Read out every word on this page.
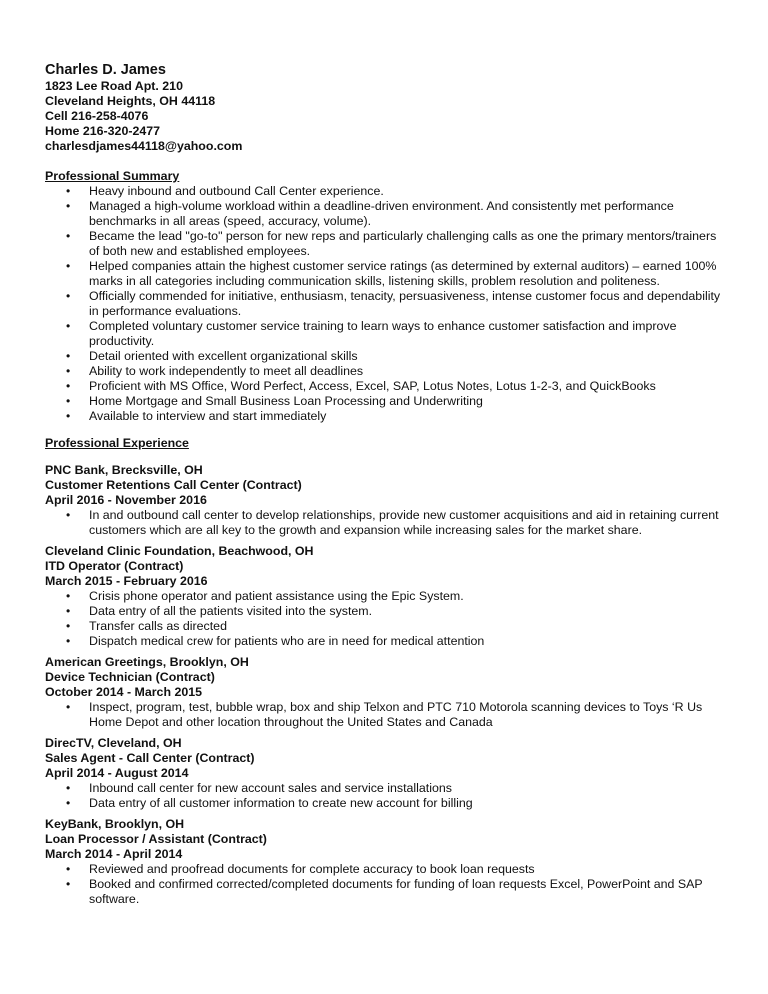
Charles D. James
1823 Lee Road Apt. 210
Cleveland Heights, OH 44118
Cell 216-258-4076
Home 216-320-2477
charlesdjames44118@yahoo.com
Professional Summary
• Heavy inbound and outbound Call Center experience.
• Managed a high-volume workload within a deadline-driven environment. And consistently met performance benchmarks in all areas (speed, accuracy, volume).
• Became the lead "go-to" person for new reps and particularly challenging calls as one the primary mentors/trainers of both new and established employees.
• Helped companies attain the highest customer service ratings (as determined by external auditors) – earned 100% marks in all categories including communication skills, listening skills, problem resolution and politeness.
• Officially commended for initiative, enthusiasm, tenacity, persuasiveness, intense customer focus and dependability in performance evaluations.
• Completed voluntary customer service training to learn ways to enhance customer satisfaction and improve productivity.
• Detail oriented with excellent organizational skills
• Ability to work independently to meet all deadlines
• Proficient with MS Office, Word Perfect, Access, Excel, SAP, Lotus Notes, Lotus 1-2-3, and QuickBooks
• Home Mortgage and Small Business Loan Processing and Underwriting
• Available to interview and start immediately
Professional Experience
PNC Bank, Brecksville, OH
Customer Retentions Call Center (Contract)
April 2016 - November 2016
• In and outbound call center to develop relationships, provide new customer acquisitions and aid in retaining current customers which are all key to the growth and expansion while increasing sales for the market share.
Cleveland Clinic Foundation, Beachwood, OH
ITD Operator (Contract)
March 2015 - February 2016
• Crisis phone operator and patient assistance using the Epic System.
• Data entry of all the patients visited into the system.
• Transfer calls as directed
• Dispatch medical crew for patients who are in need for medical attention
American Greetings, Brooklyn, OH
Device Technician (Contract)
October 2014 - March 2015
• Inspect, program, test, bubble wrap, box and ship Telxon and PTC 710 Motorola scanning devices to Toys ‘R Us Home Depot and other location throughout the United States and Canada
DirecTV, Cleveland, OH
Sales Agent - Call Center (Contract)
April 2014 - August 2014
• Inbound call center for new account sales and service installations
• Data entry of all customer information to create new account for billing
KeyBank, Brooklyn, OH
Loan Processor / Assistant (Contract)
March 2014 - April 2014
• Reviewed and proofread documents for complete accuracy to book loan requests
• Booked and confirmed corrected/completed documents for funding of loan requests Excel, PowerPoint and SAP software.
